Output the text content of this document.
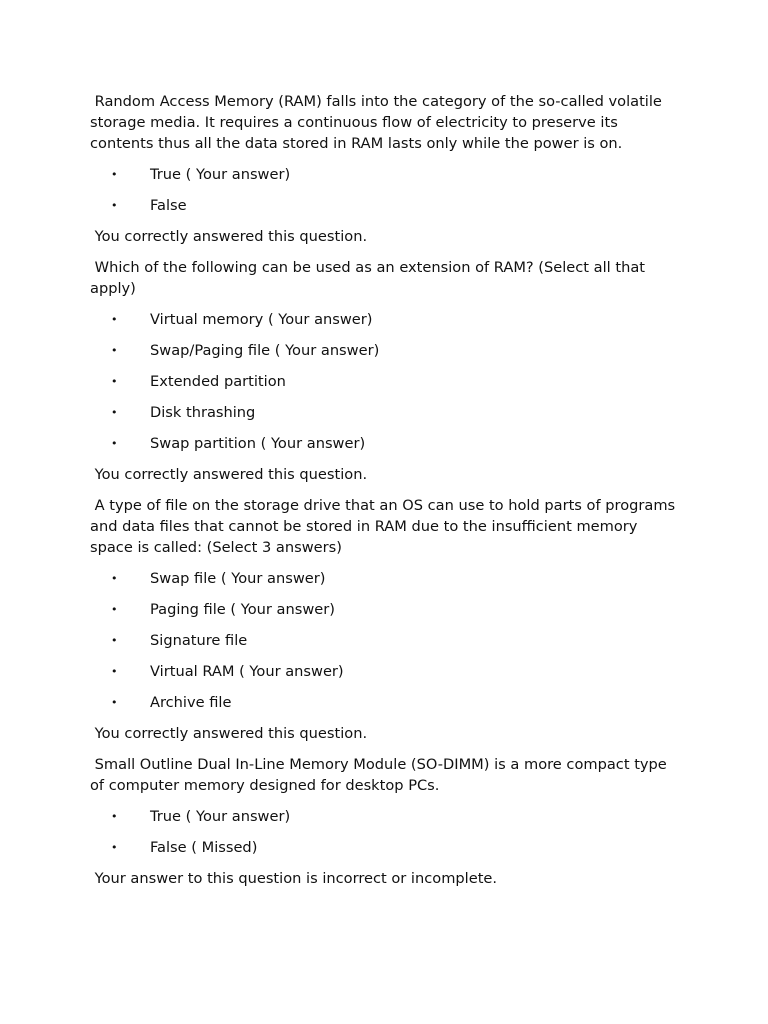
Random Access Memory (RAM) falls into the category of the so-called volatile storage media. It requires a continuous flow of electricity to preserve its contents thus all the data stored in RAM lasts only while the power is on.

• True ( Your answer)
• False

You correctly answered this question.

Which of the following can be used as an extension of RAM? (Select all that apply)

• Virtual memory ( Your answer)
• Swap/Paging file ( Your answer)
• Extended partition
• Disk thrashing
• Swap partition ( Your answer)

You correctly answered this question.

A type of file on the storage drive that an OS can use to hold parts of programs and data files that cannot be stored in RAM due to the insufficient memory space is called: (Select 3 answers)

• Swap file ( Your answer)
• Paging file ( Your answer)
• Signature file
• Virtual RAM ( Your answer)
• Archive file

You correctly answered this question.

Small Outline Dual In-Line Memory Module (SO-DIMM) is a more compact type of computer memory designed for desktop PCs.

• True ( Your answer)
• False ( Missed)

Your answer to this question is incorrect or incomplete.
